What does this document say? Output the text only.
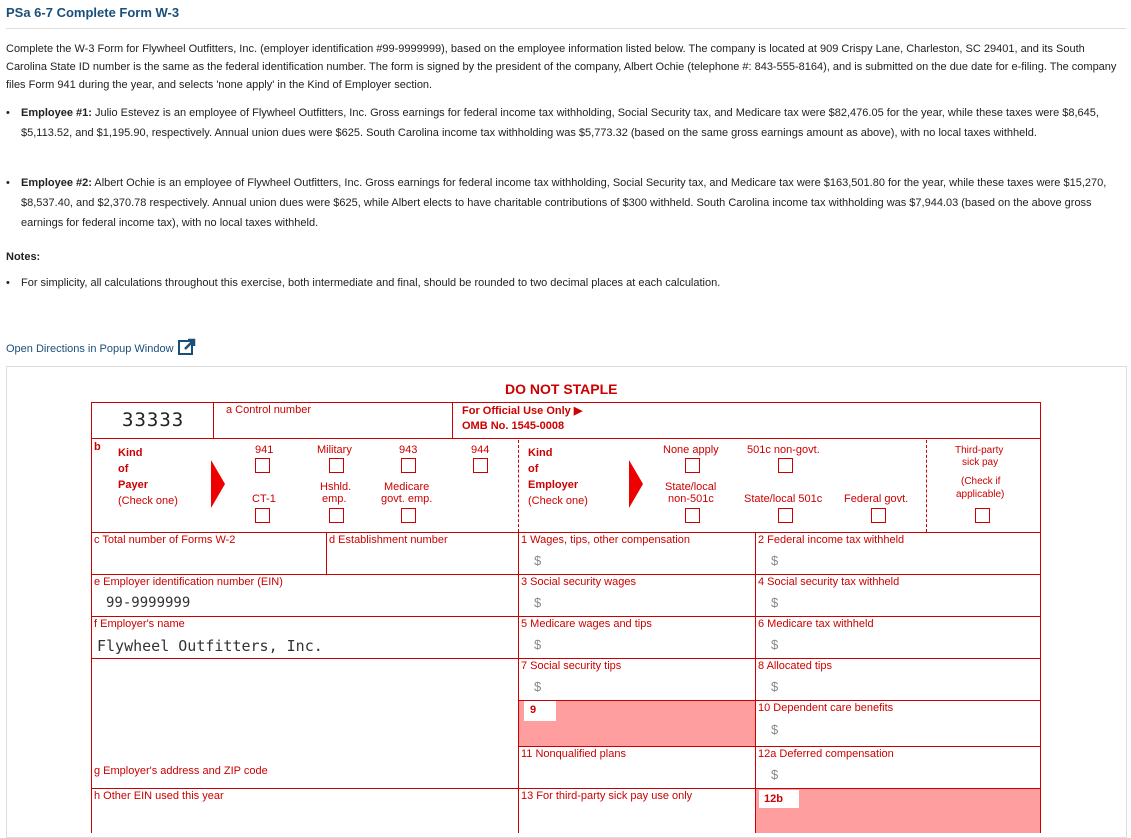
PSa 6-7 Complete Form W-3

Complete the W-3 Form for Flywheel Outfitters, Inc. (employer identification #99-9999999), based on the employee information listed below. The company is located at 909 Crispy Lane, Charleston, SC 29401, and its South Carolina State ID number is the same as the federal identification number. The form is signed by the president of the company, Albert Ochie (telephone #: 843-555-8164), and is submitted on the due date for e-filing. The company files Form 941 during the year, and selects 'none apply' in the Kind of Employer section.

• Employee #1: Julio Estevez is an employee of Flywheel Outfitters, Inc. Gross earnings for federal income tax withholding, Social Security tax, and Medicare tax were $82,476.05 for the year, while these taxes were $8,645, $5,113.52, and $1,195.90, respectively. Annual union dues were $625. South Carolina income tax withholding was $5,773.32 (based on the same gross earnings amount as above), with no local taxes withheld.
• Employee #2: Albert Ochie is an employee of Flywheel Outfitters, Inc. Gross earnings for federal income tax withholding, Social Security tax, and Medicare tax were $163,501.80 for the year, while these taxes were $15,270, $8,537.40, and $2,370.78 respectively. Annual union dues were $625, while Albert elects to have charitable contributions of $300 withheld. South Carolina income tax withholding was $7,944.03 (based on the above gross earnings for federal income tax), with no local taxes withheld.
Notes:
• For simplicity, all calculations throughout this exercise, both intermediate and final, should be rounded to two decimal places at each calculation.
Open Directions in Popup Window
DO NOT STAPLE
33333	a Control number	For Official Use Only ▶
OMB No. 1545-0008
b Kind
of
Payer
(Check one)
941	Military	943	944
CT-1
Hshld.
emp.
Medicare
govt. emp.
Kind
of
Employer
(Check one)
None apply	501c non-govt.
State/local
non-501c	State/local 501c Federal govt.
Third-party
sick pay
(Check if
applicable)
c Total number of Forms W-2	d Establishment number	1 Wages, tips, other compensation
$
2 Federal income tax withheld
$
e Employer identification number (EIN)
99-9999999
3 Social security wages
$
4 Social security tax withheld
$
f Employer's name
Flywheel Outfitters, Inc.
5 Medicare wages and tips
$
6 Medicare tax withheld
$
7 Social security tips
$
8 Allocated tips
$
9	10 Dependent care benefits
$
11 Nonqualified plans	12a Deferred compensation
$
g Employer's address and ZIP code
h Other EIN used this year	13 For third-party sick pay use only	12b
